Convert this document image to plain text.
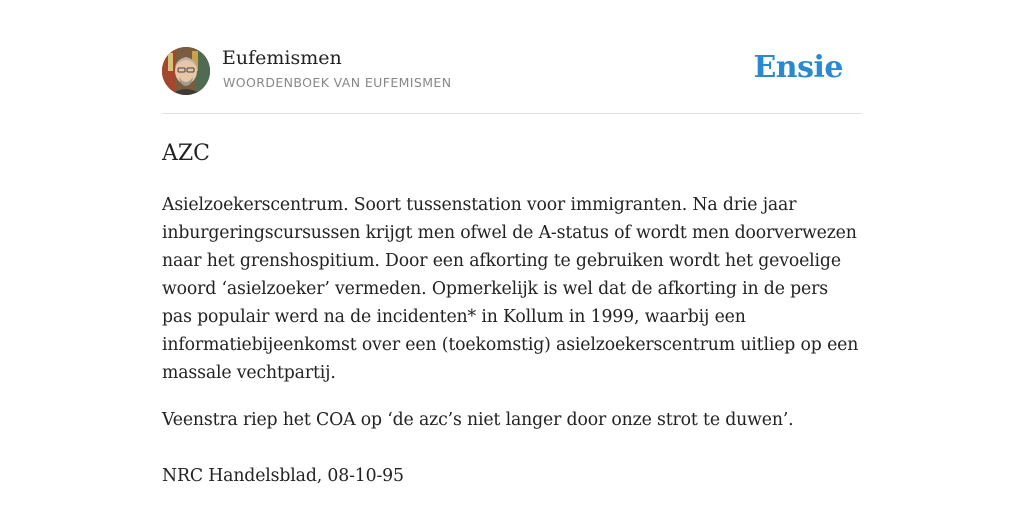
Eufemismen
WOORDENBOEK VAN EUFEMISMEN	Ensie
AZC

Asielzoekerscentrum. Soort tussenstation voor immigranten. Na drie jaar inburgeringscursussen krijgt men ofwel de A-status of wordt men doorverwezen naar het grenshospitium. Door een afkorting te gebruiken wordt het gevoelige woord ‘asielzoeker’ vermeden. Opmerkelijk is wel dat de afkorting in de pers pas populair werd na de incidenten* in Kollum in 1999, waarbij een informatiebijeenkomst over een (toekomstig) asielzoekerscentrum uitliep op een massale vechtpartij.

Veenstra riep het COA op ‘de azc’s niet langer door onze strot te duwen’.

NRC Handelsblad, 08-10-95
